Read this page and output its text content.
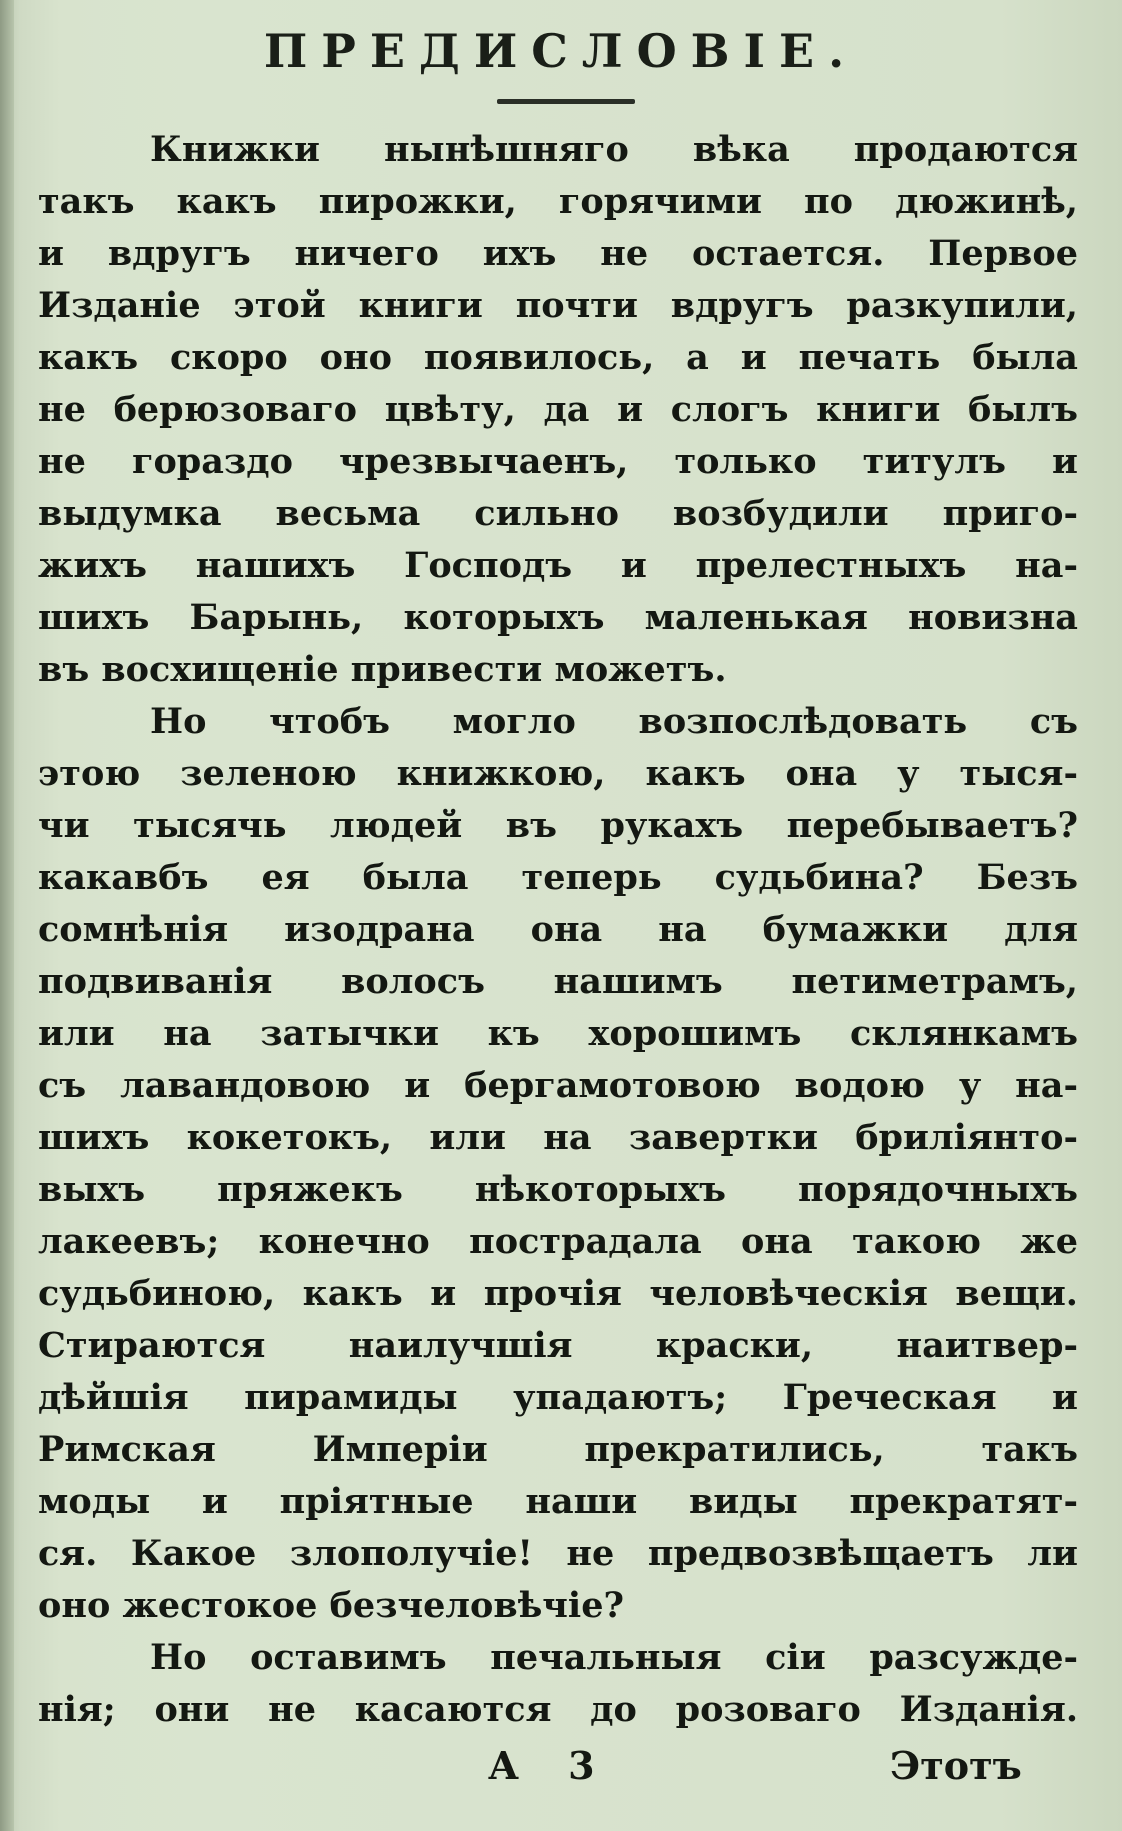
ПРЕДИСЛОВІЕ.
Книжки нынѣшняго вѣка продаются
такъ какъ пирожки, горячими по дюжинѣ,
и вдругъ ничего ихъ не остается. Первое
Изданіе этой книги почти вдругъ разкупили,
какъ скоро оно появилось, а и печать была
не берюзоваго цвѣту, да и слогъ книги былъ
не гораздо чрезвычаенъ, только титулъ и
выдумка весьма сильно возбудили приго-
жихъ нашихъ Господъ и прелестныхъ на-
шихъ Барынь, которыхъ маленькая новизна
въ восхищеніе привести можетъ.
Но чтобъ могло возпослѣдовать съ
этою зеленою книжкою, какъ она у тыся-
чи тысячь людей въ рукахъ перебываетъ?
какавбъ ея была теперь судьбина? Безъ
сомнѣнія изодрана она на бумажки для
подвиванія волосъ нашимъ петиметрамъ,
или на затычки къ хорошимъ склянкамъ
съ лавандовою и бергамотовою водою у на-
шихъ кокетокъ, или на завертки бриліянто-
выхъ пряжекъ нѣкоторыхъ порядочныхъ
лакеевъ; конечно пострадала она такою же
судьбиною, какъ и прочія человѣческія вещи.
Стираются наилучшія краски, наитвер-
дѣйшія пирамиды упадаютъ; Греческая и
Римская Имперіи прекратились, такъ
моды и пріятные наши виды прекратят-
ся. Какое злополучіе! не предвозвѣщаетъ ли
оно жестокое безчеловѣчіе?
Но оставимъ печальныя сіи разсужде-
нія; они не касаются до розоваго Изданія.
А 3	Этотъ
